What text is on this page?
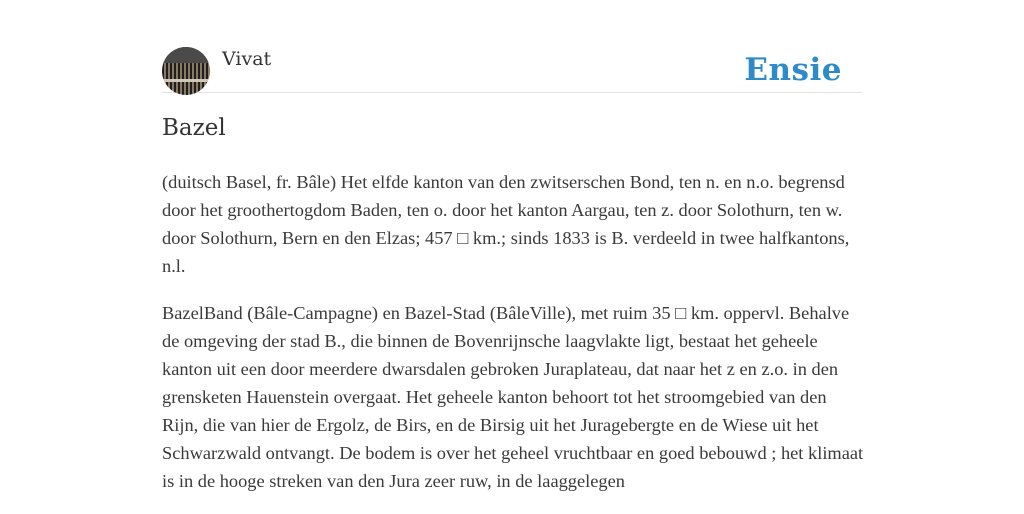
Vivat	Ensie
Bazel

(duitsch Basel, fr. Bâle) Het elfde kanton van den zwitserschen Bond, ten n. en n.o. begrensd door het groothertogdom Baden, ten o. door het kanton Aargau, ten z. door Solothurn, ten w. door Solothurn, Bern en den Elzas; 457 □ km.; sinds 1833 is B. verdeeld in twee halfkantons, n.l.

BazelBand (Bâle-Campagne) en Bazel-Stad (BâleVille), met ruim 35 □ km. oppervl. Behalve de omgeving der stad B., die binnen de Bovenrijnsche laagvlakte ligt, bestaat het geheele kanton uit een door meerdere dwarsdalen gebroken Juraplateau, dat naar het z en z.o. in den grensketen Hauenstein overgaat. Het geheele kanton behoort tot het stroomgebied van den Rijn, die van hier de Ergolz, de Birs, en de Birsig uit het Juragebergte en de Wiese uit het Schwarzwald ontvangt. De bodem is over het geheel vruchtbaar en goed bebouwd ; het klimaat is in de hooge streken van den Jura zeer ruw, in de laaggelegen
